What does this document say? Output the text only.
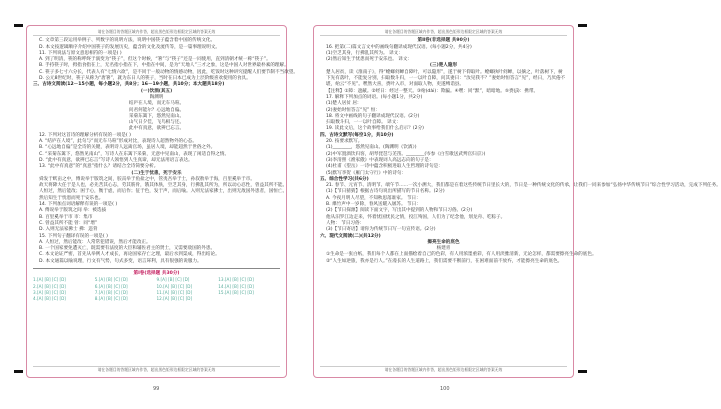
请在各题目的答题区域内作答，超出黑色矩形边框限定区域的答案无效
C. 文章第三段运用举例子、列数字的说明方法，说明中国筷子蕴含着中国的传统文化。
D. 本文按逻辑顺序介绍中国筷子的发展历史，蕴含的文化及流传等，是一篇事理说明文。
11. 下列说法与原文意思相符的一项是( )
A. 到了明清，筷的称呼终于演变为“筷子”，但这个时候，“箸”与“筷子”还是一同使用，直到清朝才统一称“筷子”。
B. 手持筷子时，拇指食指在上，无名指小指在下，中指在中间，是为“天地人”三才之象，这是中国人对世界最朴素的理解。
C. 筷子多七寸六分长，代表人有“七情六欲”，是不同于一般动物的情感动物，因此，吃饭时这种讲究提醒人们要节制不当欲望。
D. 公元8世纪时，筷子从称为“唐箸”，就为东日人的筷子，当时在日本已成为上层阶级喜欢使用的食具。
三、古诗文阅读(12－15小题，每小题2分，共8分；16－19小题，共10分；本大题共18分)
(一)饮酒(其五)
陶渊明
结庐在人境，而无车马喧。
问君何能尔？心远地自偏。
采菊东篱下，悠然见南山。
山气日夕佳，飞鸟相与还。
此中有真意，欲辨已忘言。
12. 下列对这首诗的理解分析有误的一项是( )
A. “结庐在人境”，此句与“而无车马喧”形成对比，表现诗人超然物外的心态。
B. “心远地自偏”是全诗的关键，表明诗人远离官场，虽居人境，却能超然于世俗之外。
C. “采菊东篱下，悠然见南山”，写诗人在东篱下采菊，无意中见南山，表现了闲适自得之情。
D. “此中有真意，欲辨已忘言”写诗人领悟到人生真谛，却无法用语言表达。
13. “此中有真意”的“真意”指什么？请结合全诗简要分析。
(二)生于忧患，死于安乐
舜发于畎亩之中，傅说举于版筑之间，胶鬲举于鱼盐之中，管夷吾举于士，孙叔敖举于海，百里奚举于市。
故天将降大任于是人也，必先苦其心志，劳其筋骨，饿其体肤，空乏其身，行拂乱其所为，所以动心忍性，曾益其所不能。
人恒过，然后能改；困于心，衡于虑，而后作；征于色，发于声，而后喻。入则无法家拂士，出则无敌国外患者，国恒亡。
然后知生于忧患而死于安乐也。
14. 下列加点词语解释有误的一项是( )
A. 傅说举于版筑之间 举：被选拔
B. 百里奚举于市 市：集市
C. 曾益其所不能 曾：同“增”
D. 入则无法家拂士 拂：违背
15. 下列句子翻译有误的一项是( )
A. 人恒过，然后能改：人常常犯错误，然后才能改正。
B. 一个国家要免遭灭亡，既需要有法度的大臣和辅佐君主的贤士，又需要敌国的外患。
C. 本文论证严密，首先从举例人才成长，再论国家存亡之理，最后水到渠成，得出结论。
D. 本文通篇以喻说理，行文有气势，句式多变，语言犀利，具有很强的说服力。
第Ⅰ卷(选择题 共30分)
1.[A] [B] [C] [D]	5.[A] [B] [C] [D]	9.[A] [B] [C] [D]	13.[A] [B] [C] [D]
2.[A] [B] [C] [D]	6.[A] [B] [C] [D]	10.[A] [B] [C] [D]	14.[A] [B] [C] [D]
3.[A] [B] [C] [D]	7.[A] [B] [C] [D]	11.[A] [B] [C] [D]	15.[A] [B] [C] [D]
4.[A] [B] [C] [D]	8.[A] [B] [C] [D]	12.[A] [B] [C] [D]
请在各题目的答题区域内作答，超出黑色矩形边框限定区域的答案无效
99
请在各题目的答题区域内作答，超出黑色矩形边框限定区域的答案无效
第Ⅱ卷(非选择题 共90分)
16. 把第(二)篇文言文中的画线句翻译成现代汉语。(每小题2分，共4分)
(1)空乏其身，行拂乱其所为。 译文：
(2)然后知生于忧患而死于安乐也。 译文：
(三)楚人隐形
楚人居贫，读《淮南子》，得“螳螂伺蝉自障叶，可以隐形”，遂于树下仰取叶。螳螂执叶伺蝉，以摘之，叶落树下，树下先有落叶，不能复分别，扫取数斗归，一一以叶自障，问其妻曰：“汝见我不？”妻始时恒答言“见”，经日，乃厌倦不堪，绐云“不见”。嘿然大喜，赍叶入市，对面取人物，吏遂缚诣县。
【注释】①障：遮蔽。②经日：经过一整天。③绐(dài)：欺骗。④嘿：同“默”，暗暗地。⑤赍(jī)：携带。
17. 解释下列加点的词语。(每小题1分，共2分)
(1)楚人居贫 居：
(2)妻始时恒答言“见” 恒：
18. 将文中画线的句子翻译成现代汉语。(2分)
扫取数斗归，一一以叶自障。 译文：
19. 读此文后，这个故事给我们什么启示？(2分)
四、古诗文默写(每空1分，共10分)
20. 按要求默写。
(1)________，悠然见南山。(陶渊明《饮酒》)
(2)中军置酒饮归客，胡琴琵琶与羌笛。________(岑参《白雪歌送武判官归京》)
(3)李清照《渔家傲》中表现词人高远志向的句子是：
(4)杜甫《望岳》一诗中蕴含积极进取人生哲理的诗句是：
(5)默写李贺《雁门太守行》中的诗句：
五、综合性学习(共6分)
21. 春节、元宵节、清明节、端午节……一次小测大，我们都是在着这些传统节日里长大的，节日是一种传统文化的传承，让我们一同来参加“弘扬中华传统节日”综合性学习活动，完成下列任务。
(1)【节日猜猜】根据古诗句说出所描写的节日名称。(2分)
A. 今夜月明人尽望，不知秋思落谁家。 节日：
B. 爆竹声中一岁除，春风送暖入屠苏。 节日：
(2)【节日探源】阅读下面文字，写出其中提到的人物和节日习俗。(2分)
他从汨罗江边走来，怀着忧国忧民之情，投江殉国，人们为了纪念他，划龙舟、吃粽子。
人物： 节日习俗：
(3)【节日寄语】请你为传统节日写一句宣传语。(2分)
六、现代文阅读(二)(共12分)
擦亮生命的底色
杨建青
①生命是一张白纸，我们每个人都在上面描绘着自己的色彩，有人用浓墨重彩，有人用淡雅清新，无论怎样，都需要擦亮生命的底色。
②“人生如逆旅，我亦是行人。”在漫长的人生道路上，我们需要不断前行，在困难面前不放弃，才能擦亮生命的底色。
请在各题目的答题区域内作答，超出黑色矩形边框限定区域的答案无效
100
